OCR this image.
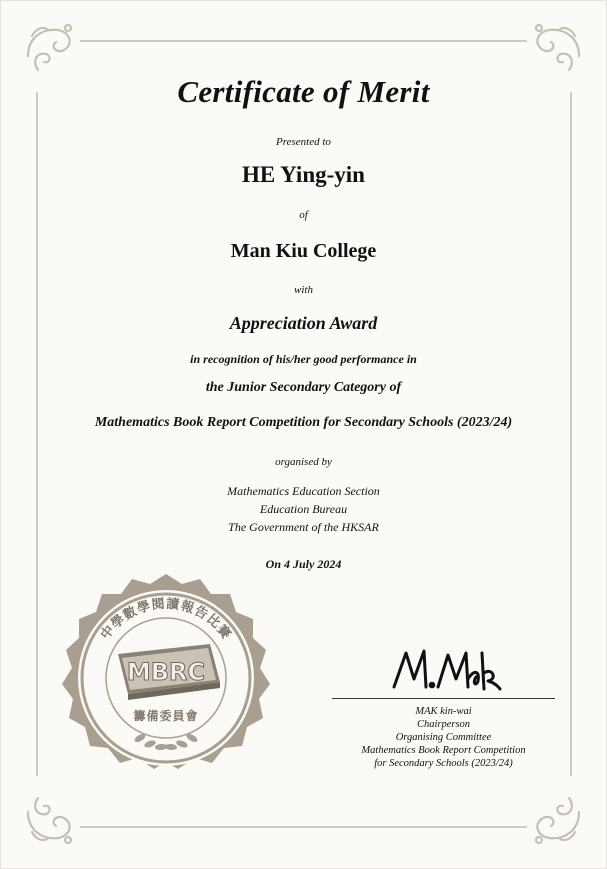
Certificate of Merit
Presented to
HE Ying-yin
of
Man Kiu College
with
Appreciation Award
in recognition of his/her good performance in
the Junior Secondary Category of
Mathematics Book Report Competition for Secondary Schools (2023/24)
organised by
Mathematics Education Section
Education Bureau
The Government of the HKSAR
On 4 July 2024
中學數學閱讀報告比賽
MBRC
籌備委員會	MAK kin-wai
Chairperson
Organising Committee
Mathematics Book Report Competition
for Secondary Schools (2023/24)
